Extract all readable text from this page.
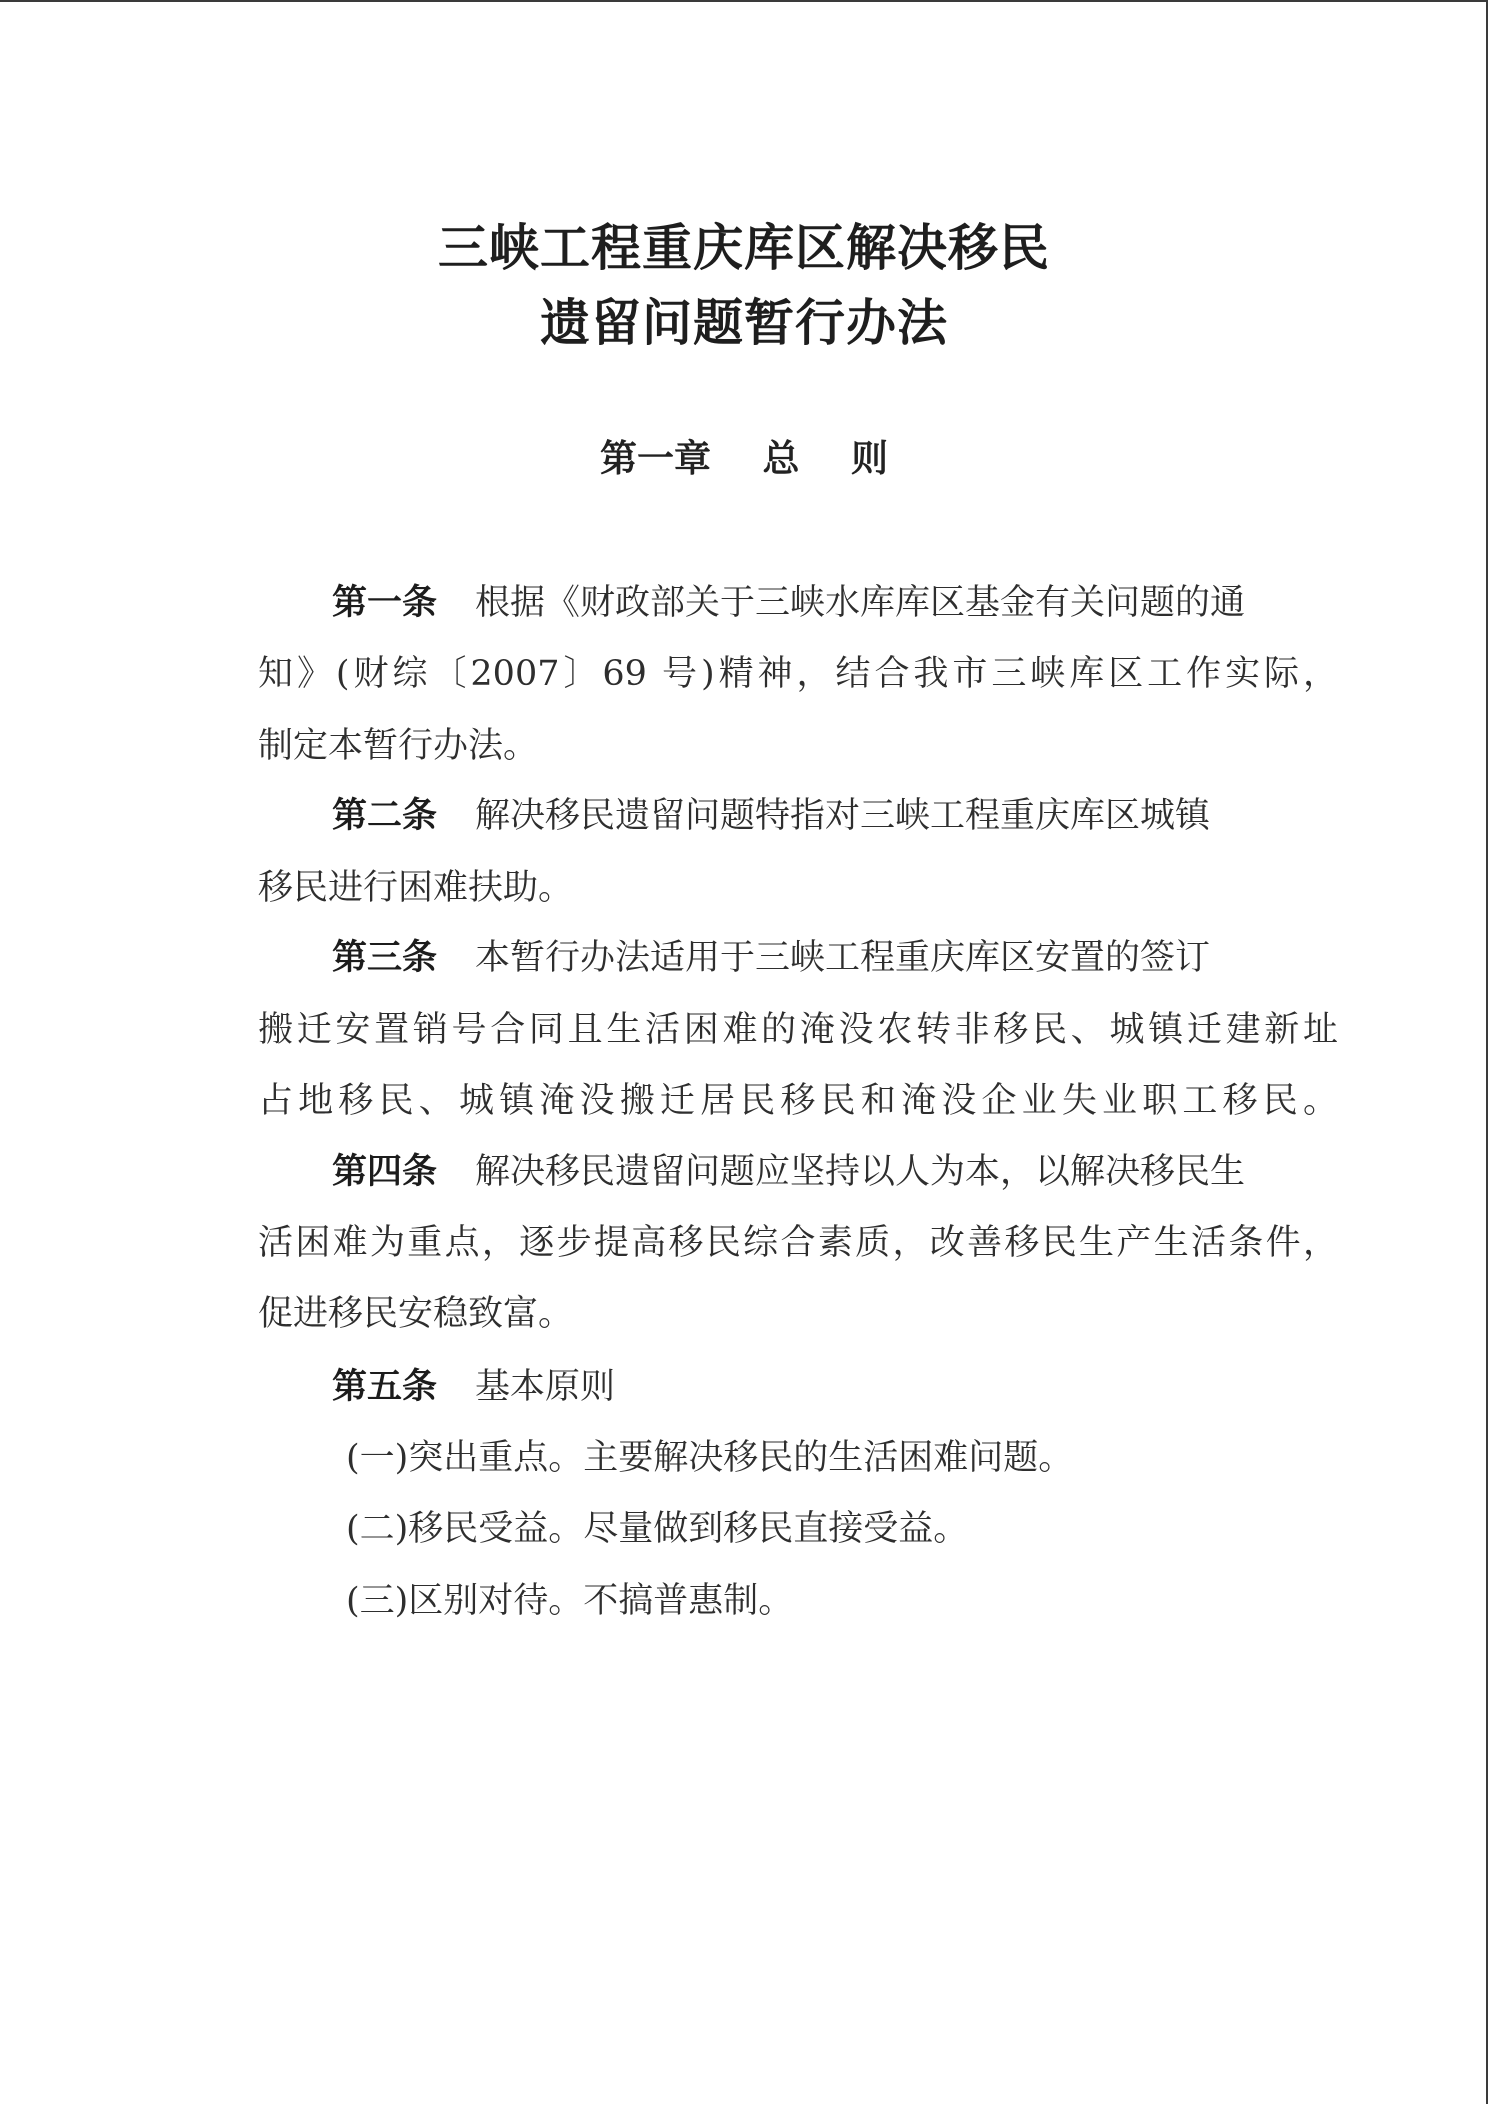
三峡工程重庆库区解决移民
遗留问题暂行办法
第一章    总    则
第一条 根据《财政部关于三峡水库库区基金有关问题的通
知》(财综〔2007〕69 号)精神，结合我市三峡库区工作实际，
制定本暂行办法。
第二条 解决移民遗留问题特指对三峡工程重庆库区城镇
移民进行困难扶助。
第三条 本暂行办法适用于三峡工程重庆库区安置的签订
搬迁安置销号合同且生活困难的淹没农转非移民、城镇迁建新址
占地移民、城镇淹没搬迁居民移民和淹没企业失业职工移民。
第四条 解决移民遗留问题应坚持以人为本，以解决移民生
活困难为重点，逐步提高移民综合素质，改善移民生产生活条件，
促进移民安稳致富。
第五条 基本原则
(一)突出重点。主要解决移民的生活困难问题。
(二)移民受益。尽量做到移民直接受益。
(三)区别对待。不搞普惠制。
